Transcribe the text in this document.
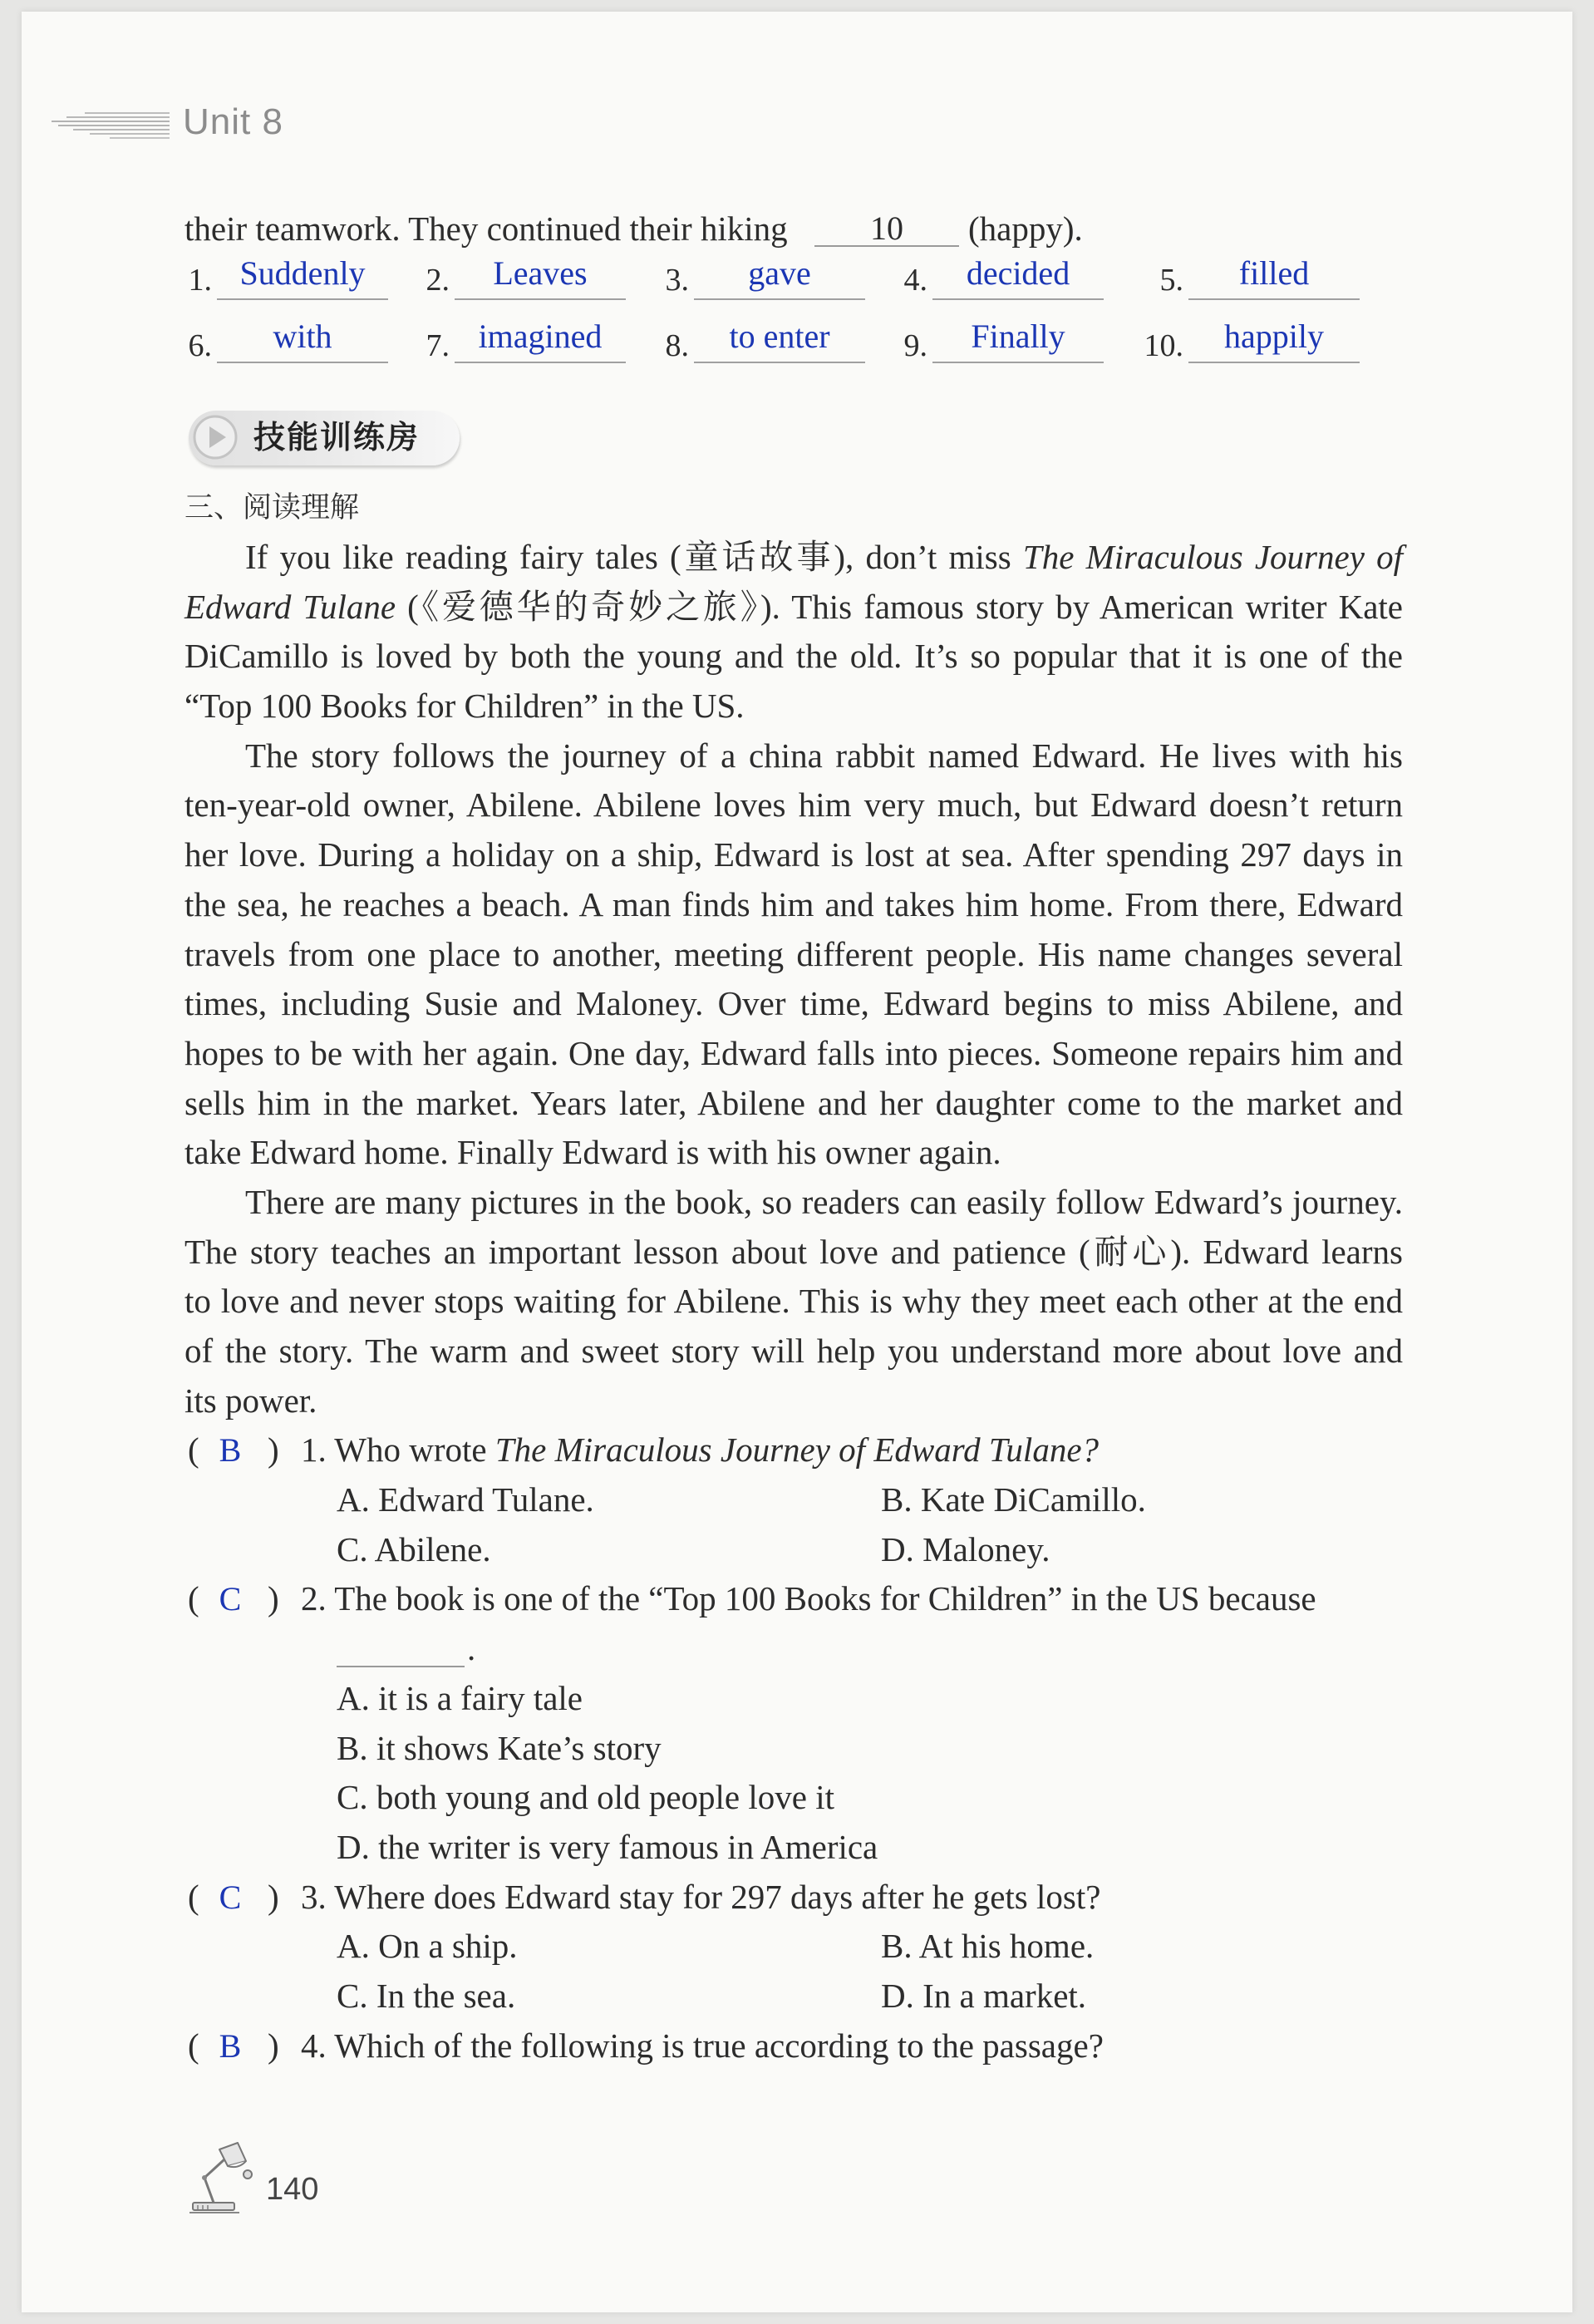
Unit 8
their teamwork. They continued their hiking	10	(happy).
1. Suddenly	2.	Leaves	3.	gave	4.	decided	5.	filled
6.	with	7. imagined	8.	to enter	9.	Finally	10.	happily
技能训练房
三、阅读理解
If you like reading fairy tales (童话故事), don’t miss The Miraculous Journey of
Edward Tulane (《爱德华的奇妙之旅》). This famous story by American writer Kate
DiCamillo is loved by both the young and the old. It’s so popular that it is one of the
“Top 100 Books for Children” in the US.
The story follows the journey of a china rabbit named Edward. He lives with his
ten-year-old owner, Abilene. Abilene loves him very much, but Edward doesn’t return
her love. During a holiday on a ship, Edward is lost at sea. After spending 297 days in
the sea, he reaches a beach. A man finds him and takes him home. From there, Edward
travels from one place to another, meeting different people. His name changes several
times, including Susie and Maloney. Over time, Edward begins to miss Abilene, and
hopes to be with her again. One day, Edward falls into pieces. Someone repairs him and
sells him in the market. Years later, Abilene and her daughter come to the market and
take Edward home. Finally Edward is with his owner again.
There are many pictures in the book, so readers can easily follow Edward’s journey.
The story teaches an important lesson about love and patience (耐心). Edward learns
to love and never stops waiting for Abilene. This is why they meet each other at the end
of the story. The warm and sweet story will help you understand more about love and
its power.
( B ) 1. Who wrote The Miraculous Journey of Edward Tulane?
A. Edward Tulane.	B. Kate DiCamillo.
C. Abilene.	D. Maloney.
( C ) 2. The book is one of the “Top 100 Books for Children” in the US because
.
A. it is a fairy tale
B. it shows Kate’s story
C. both young and old people love it
D. the writer is very famous in America
( C ) 3. Where does Edward stay for 297 days after he gets lost?
A. On a ship.	B. At his home.
C. In the sea.	D. In a market.
( B ) 4. Which of the following is true according to the passage?
140
